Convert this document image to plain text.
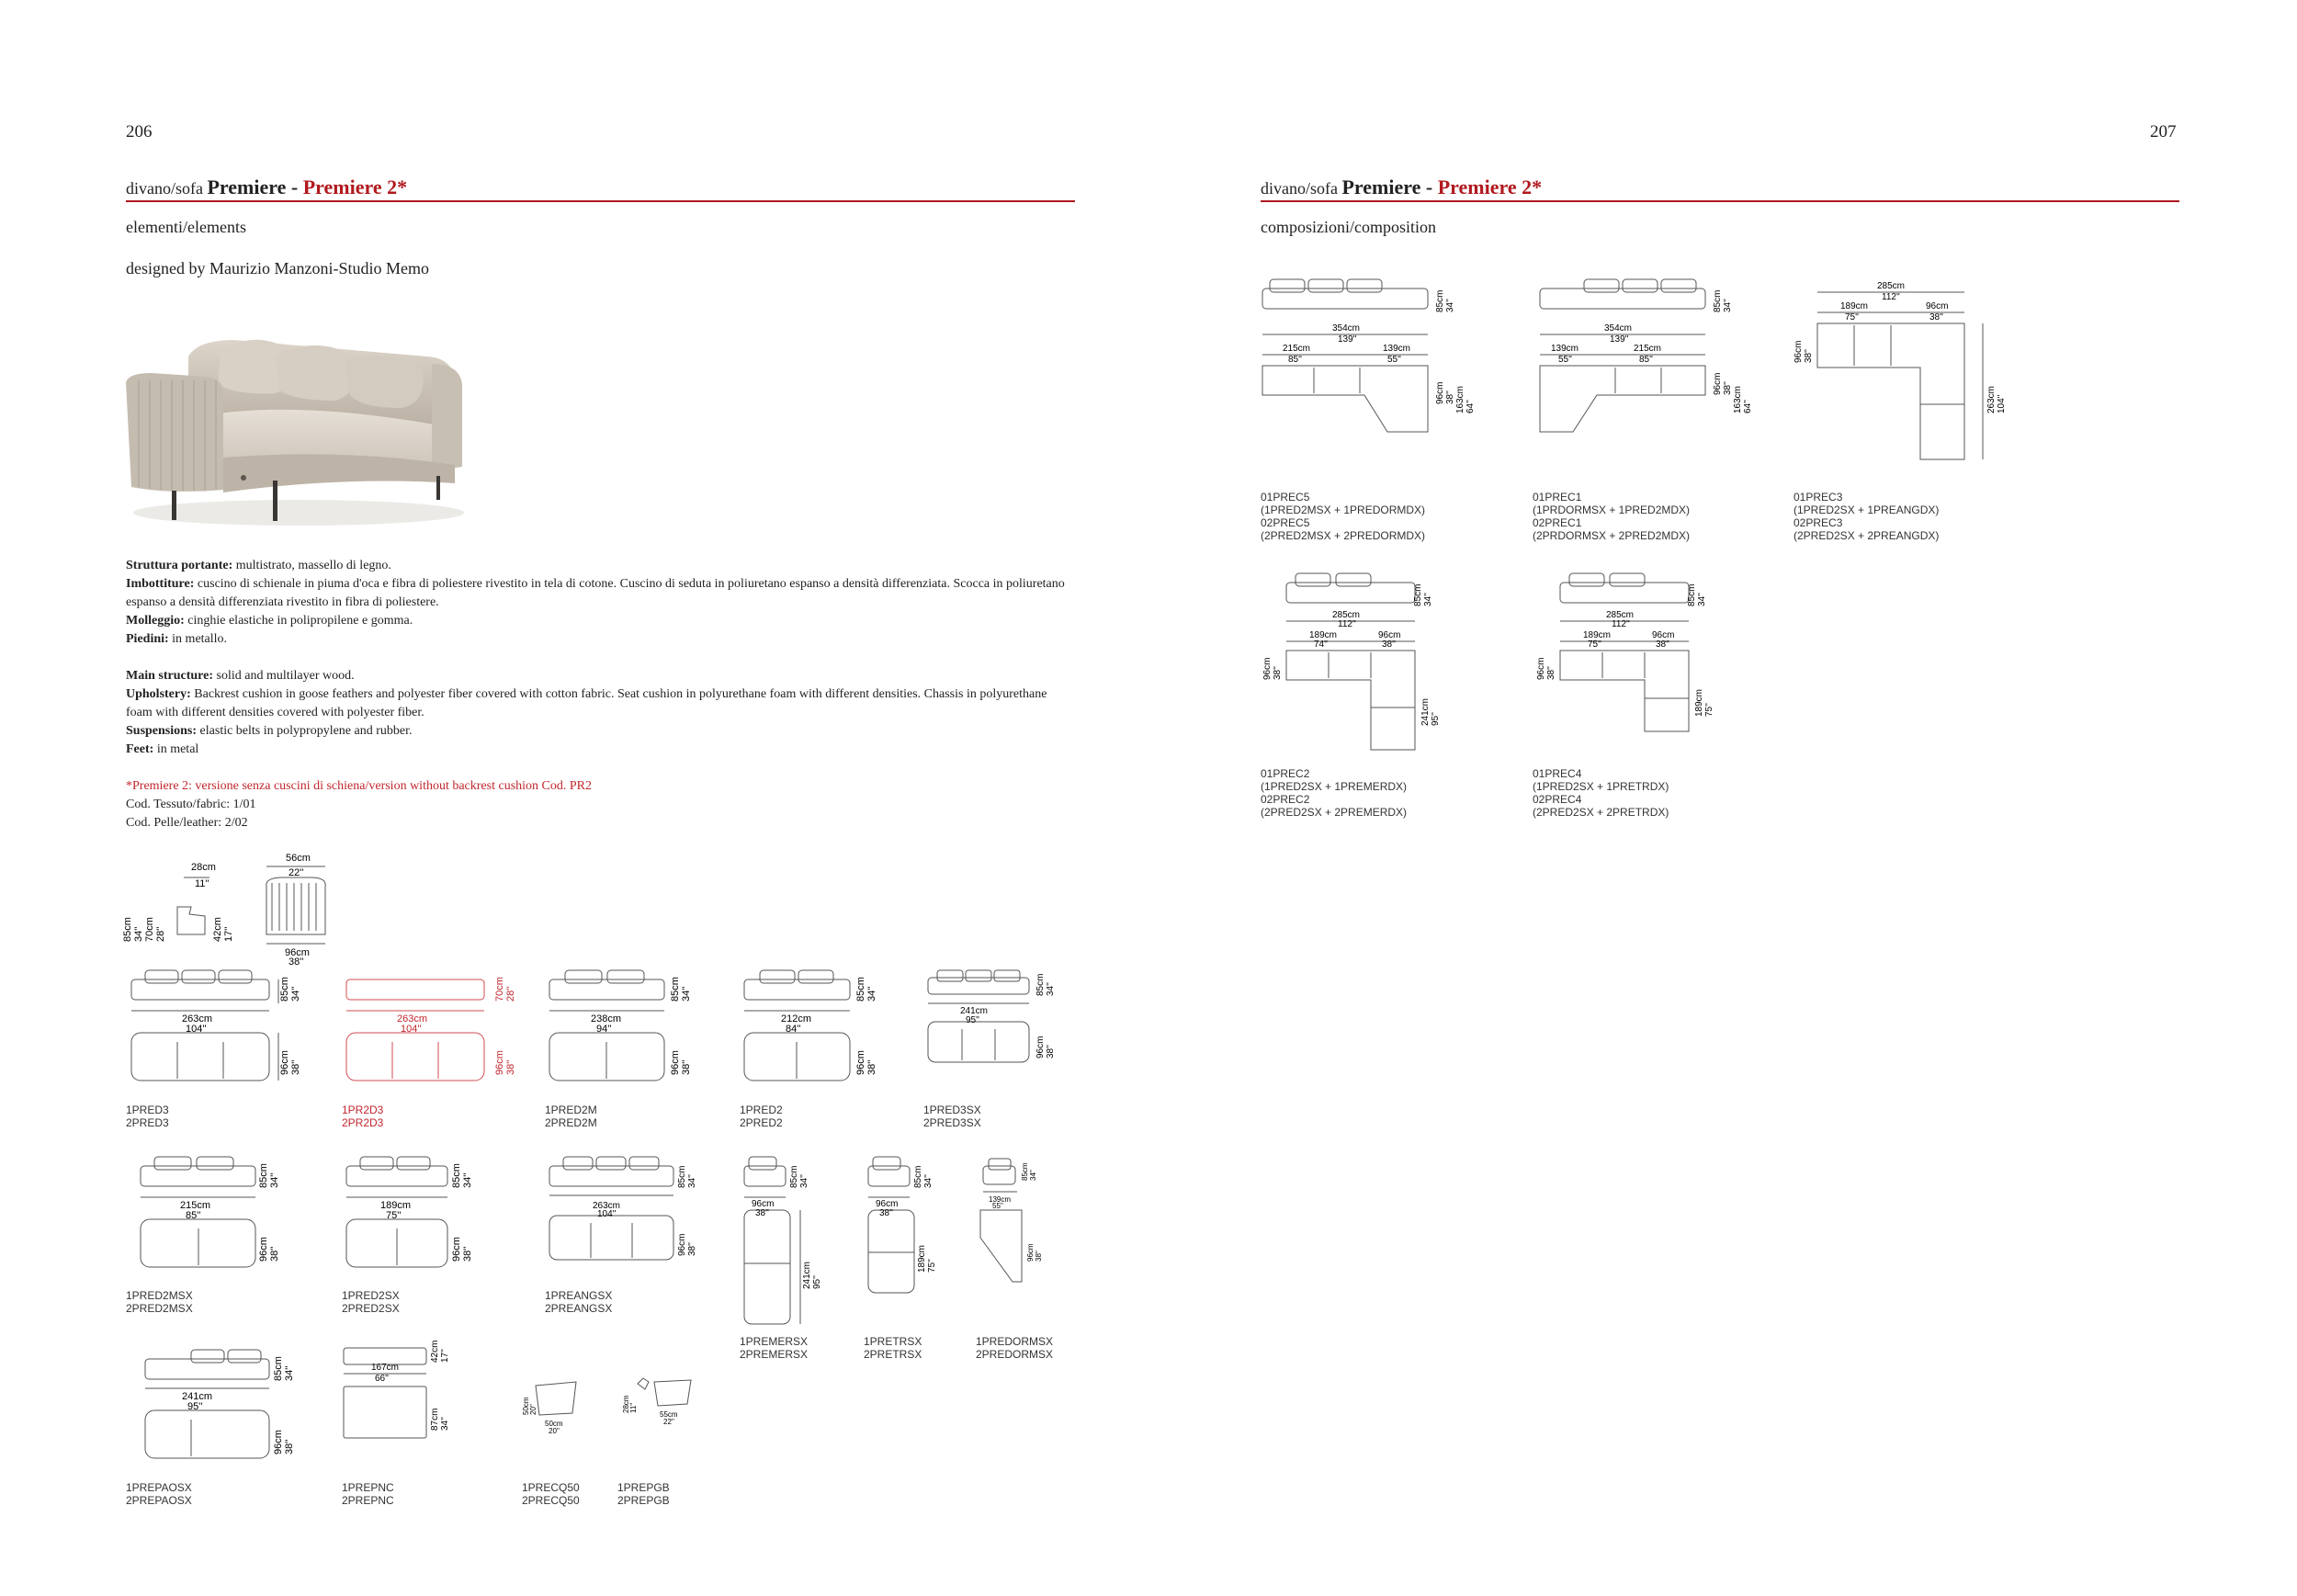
206
divano/sofa Premiere - Premiere 2*
elementi/elements
designed by Maurizio Manzoni-Studio Memo
Struttura portante: multistrato, massello di legno.
Imbottiture: cuscino di schienale in piuma d'oca e fibra di poliestere rivestito in tela di cotone. Cuscino di seduta in poliuretano espanso a densità differenziata. Scocca in poliuretano espanso a densità differenziata rivestito in fibra di poliestere.
Molleggio: cinghie elastiche in polipropilene e gomma.
Piedini: in metallo.
Main structure: solid and multilayer wood.
Upholstery: Backrest cushion in goose feathers and polyester fiber covered with cotton fabric. Seat cushion in polyurethane foam with different densities. Chassis in polyurethane foam with different densities covered with polyester fiber.
Suspensions: elastic belts in polypropylene and rubber.
Feet: in metal
*Premiere 2: versione senza cuscini di schiena/version without backrest cushion Cod. PR2
Cod. Tessuto/fabric: 1/01
Cod. Pelle/leather: 2/02
28cm
11''
56cm
22''
96cm
38''
85cm 34'' 70cm 28''	42cm 17''
263cm
104''
85cm 34''
96cm 38''
263cm
104''
70cm 28''
96cm 38''
238cm
94''
85cm 34''
96cm 38''
212cm
84''
85cm 34''
96cm 38''
241cm
95''
85cm 34''
96cm 38''
1PRED3
2PRED3
1PR2D3
2PR2D3
1PRED2M
2PRED2M
1PRED2
2PRED2
1PRED3SX
2PRED3SX
215cm
85''
85cm 34''
96cm 38''
189cm
75''
85cm 34''
96cm 38''
263cm
104''
85cm 34''
96cm 38''
96cm
38''
85cm 34''
241cm 95''
96cm
38''
85cm 34''
189cm 75''
139cm
55''
85cm 34''
96cm 38''
1PRED2MSX
2PRED2MSX
1PRED2SX
2PRED2SX
1PREANGSX
2PREANGSX
1PREMERSX
2PREMERSX
1PRETRSX
2PRETRSX
1PREDORMSX
2PREDORMSX
241cm
95''
85cm 34''
96cm 38''
167cm
66''
42cm 17''
87cm 34''
50cm 20''
50cm
20''
28cm 11''
55cm
22''
1PREPAOSX
2PREPAOSX
1PREPNC
2PREPNC
1PRECQ50
2PRECQ50
1PREPGB
2PREPGB
207
divano/sofa Premiere - Premiere 2*
composizioni/composition
354cm
139''
215cm
85''
139cm
55''
85cm 34''
96cm 38'' 163cm 64''
354cm
139''
139cm
55''
215cm
85''
85cm 34''
96cm 38'' 163cm 64''
285cm
112''
189cm
75''
96cm
38''
96cm 38''
263cm 104''
01PREC5
(1PRED2MSX + 1PREDORMDX)
02PREC5
(2PRED2MSX + 2PREDORMDX)
01PREC1
(1PRDORMSX + 1PRED2MDX)
02PREC1
(2PRDORMSX + 2PRED2MDX)
01PREC3
(1PRED2SX + 1PREANGDX)
02PREC3
(2PRED2SX + 2PREANGDX)
285cm
112''
189cm
74''
96cm
38''
85cm 34''
96cm 38''
241cm 95''
285cm
112''
189cm
75''
96cm
38''
85cm 34''
96cm 38''
189cm 75''
01PREC2
(1PRED2SX + 1PREMERDX)
02PREC2
(2PRED2SX + 2PREMERDX)
01PREC4
(1PRED2SX + 1PRETRDX)
02PREC4
(2PRED2SX + 2PRETRDX)
